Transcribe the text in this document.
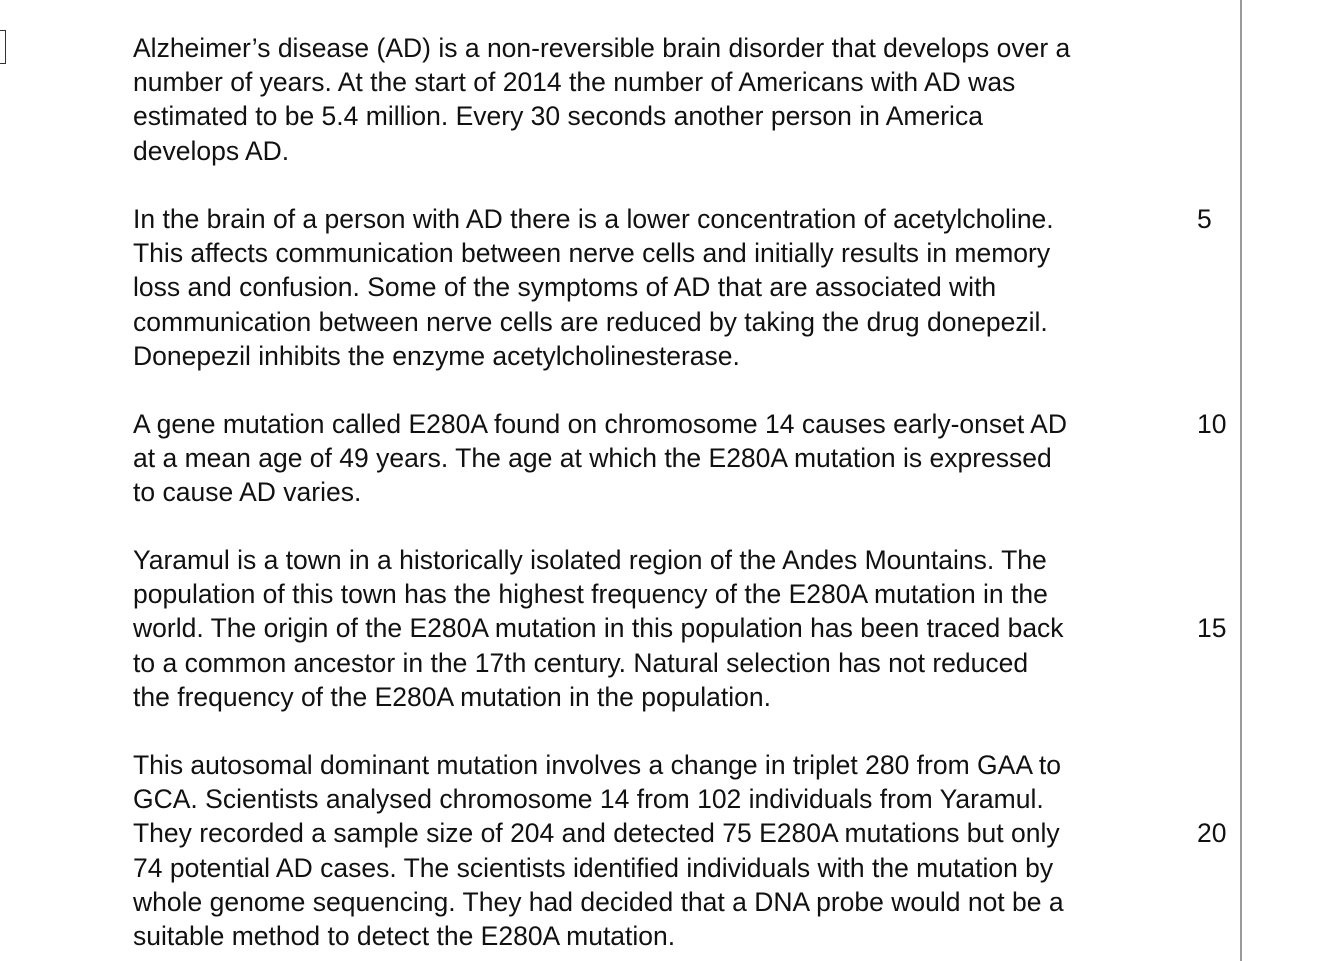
Alzheimer’s disease (AD) is a non-reversible brain disorder that develops over a
number of years. At the start of 2014 the number of Americans with AD was
estimated to be 5.4 million. Every 30 seconds another person in America
develops AD.
In the brain of a person with AD there is a lower concentration of acetylcholine.
This affects communication between nerve cells and initially results in memory
loss and confusion. Some of the symptoms of AD that are associated with
communication between nerve cells are reduced by taking the drug donepezil.
Donepezil inhibits the enzyme acetylcholinesterase.
5
A gene mutation called E280A found on chromosome 14 causes early-onset AD
at a mean age of 49 years. The age at which the E280A mutation is expressed
to cause AD varies.
10
Yaramul is a town in a historically isolated region of the Andes Mountains. The
population of this town has the highest frequency of the E280A mutation in the
world. The origin of the E280A mutation in this population has been traced back
to a common ancestor in the 17th century. Natural selection has not reduced
the frequency of the E280A mutation in the population.
15
This autosomal dominant mutation involves a change in triplet 280 from GAA to
GCA. Scientists analysed chromosome 14 from 102 individuals from Yaramul.
They recorded a sample size of 204 and detected 75 E280A mutations but only
74 potential AD cases. The scientists identified individuals with the mutation by
whole genome sequencing. They had decided that a DNA probe would not be a
suitable method to detect the E280A mutation.
20
